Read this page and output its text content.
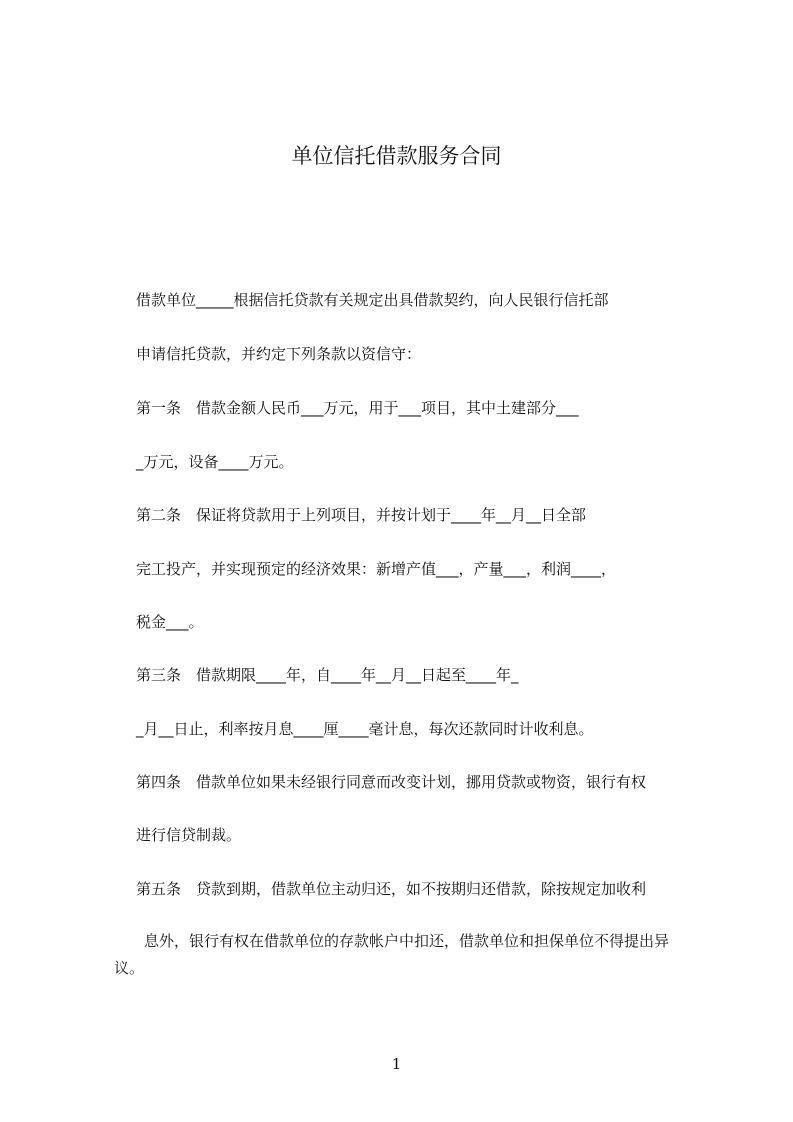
单位信托借款服务合同
借款单位_____根据信托贷款有关规定出具借款契约，向人民银行信托部
申请信托贷款，并约定下列条款以资信守：
第一条　借款金额人民币___万元，用于___项目，其中土建部分___
_万元，设备____万元。
第二条　保证将贷款用于上列项目，并按计划于____年__月__日全部
完工投产，并实现预定的经济效果：新增产值___，产量___，利润____，
税金___。
第三条　借款期限____年，自____年__月__日起至____年_
_月__日止，利率按月息____厘____毫计息，每次还款同时计收利息。
第四条　借款单位如果未经银行同意而改变计划，挪用贷款或物资，银行有权
进行信贷制裁。
第五条　贷款到期，借款单位主动归还，如不按期归还借款，除按规定加收利
　　息外，银行有权在借款单位的存款帐户中扣还，借款单位和担保单位不得提出异议。
1
